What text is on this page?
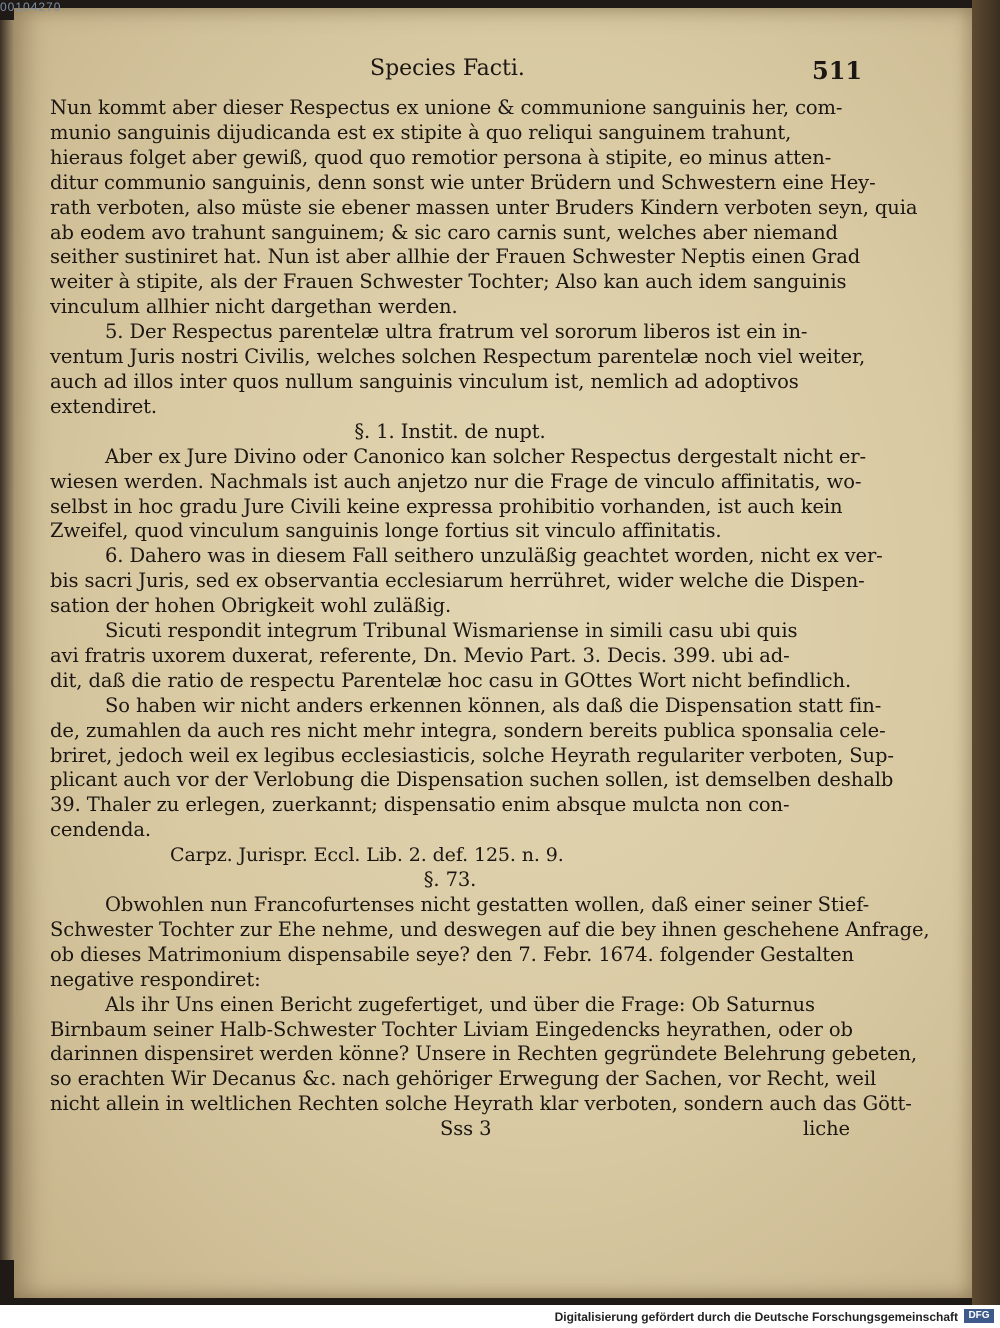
00104270
Species Facti.	511
Nun kommt aber dieser Respectus ex unione & communione sanguinis her, com-
munio sanguinis dijudicanda est ex stipite à quo reliqui sanguinem trahunt,
hieraus folget aber gewiß, quod quo remotior persona à stipite, eo minus atten-
ditur communio sanguinis, denn sonst wie unter Brüdern und Schwestern eine Hey-
rath verboten, also müste sie ebener massen unter Bruders Kindern verboten seyn, quia
ab eodem avo trahunt sanguinem; & sic caro carnis sunt, welches aber niemand
seither sustiniret hat. Nun ist aber allhie der Frauen Schwester Neptis einen Grad
weiter à stipite, als der Frauen Schwester Tochter; Also kan auch idem sanguinis
vinculum allhier nicht dargethan werden.
5. Der Respectus parentelæ ultra fratrum vel sororum liberos ist ein in-
ventum Juris nostri Civilis, welches solchen Respectum parentelæ noch viel weiter,
auch ad illos inter quos nullum sanguinis vinculum ist, nemlich ad adoptivos
extendiret.
§. 1. Instit. de nupt.
Aber ex Jure Divino oder Canonico kan solcher Respectus dergestalt nicht er-
wiesen werden. Nachmals ist auch anjetzo nur die Frage de vinculo affinitatis, wo-
selbst in hoc gradu Jure Civili keine expressa prohibitio vorhanden, ist auch kein
Zweifel, quod vinculum sanguinis longe fortius sit vinculo affinitatis.
6. Dahero was in diesem Fall seithero unzuläßig geachtet worden, nicht ex ver-
bis sacri Juris, sed ex observantia ecclesiarum herrühret, wider welche die Dispen-
sation der hohen Obrigkeit wohl zuläßig.
Sicuti respondit integrum Tribunal Wismariense in simili casu ubi quis
avi fratris uxorem duxerat, referente, Dn. Mevio Part. 3. Decis. 399. ubi ad-
dit, daß die ratio de respectu Parentelæ hoc casu in GOttes Wort nicht befindlich.
So haben wir nicht anders erkennen können, als daß die Dispensation statt fin-
de, zumahlen da auch res nicht mehr integra, sondern bereits publica sponsalia cele-
briret, jedoch weil ex legibus ecclesiasticis, solche Heyrath regulariter verboten, Sup-
plicant auch vor der Verlobung die Dispensation suchen sollen, ist demselben deshalb
39. Thaler zu erlegen, zuerkannt; dispensatio enim absque mulcta non con-
cendenda.
Carpz. Jurispr. Eccl. Lib. 2. def. 125. n. 9.
§. 73.
Obwohlen nun Francofurtenses nicht gestatten wollen, daß einer seiner Stief-
Schwester Tochter zur Ehe nehme, und deswegen auf die bey ihnen geschehene Anfrage,
ob dieses Matrimonium dispensabile seye? den 7. Febr. 1674. folgender Gestalten
negative respondiret:
Als ihr Uns einen Bericht zugefertiget, und über die Frage: Ob Saturnus
Birnbaum seiner Halb-Schwester Tochter Liviam Eingedencks heyrathen, oder ob
darinnen dispensiret werden könne? Unsere in Rechten gegründete Belehrung gebeten,
so erachten Wir Decanus &c. nach gehöriger Erwegung der Sachen, vor Recht, weil
nicht allein in weltlichen Rechten solche Heyrath klar verboten, sondern auch das Gött-
Sss 3	liche
Digitalisierung gefördert durch die Deutsche Forschungsgemeinschaft	DFG
